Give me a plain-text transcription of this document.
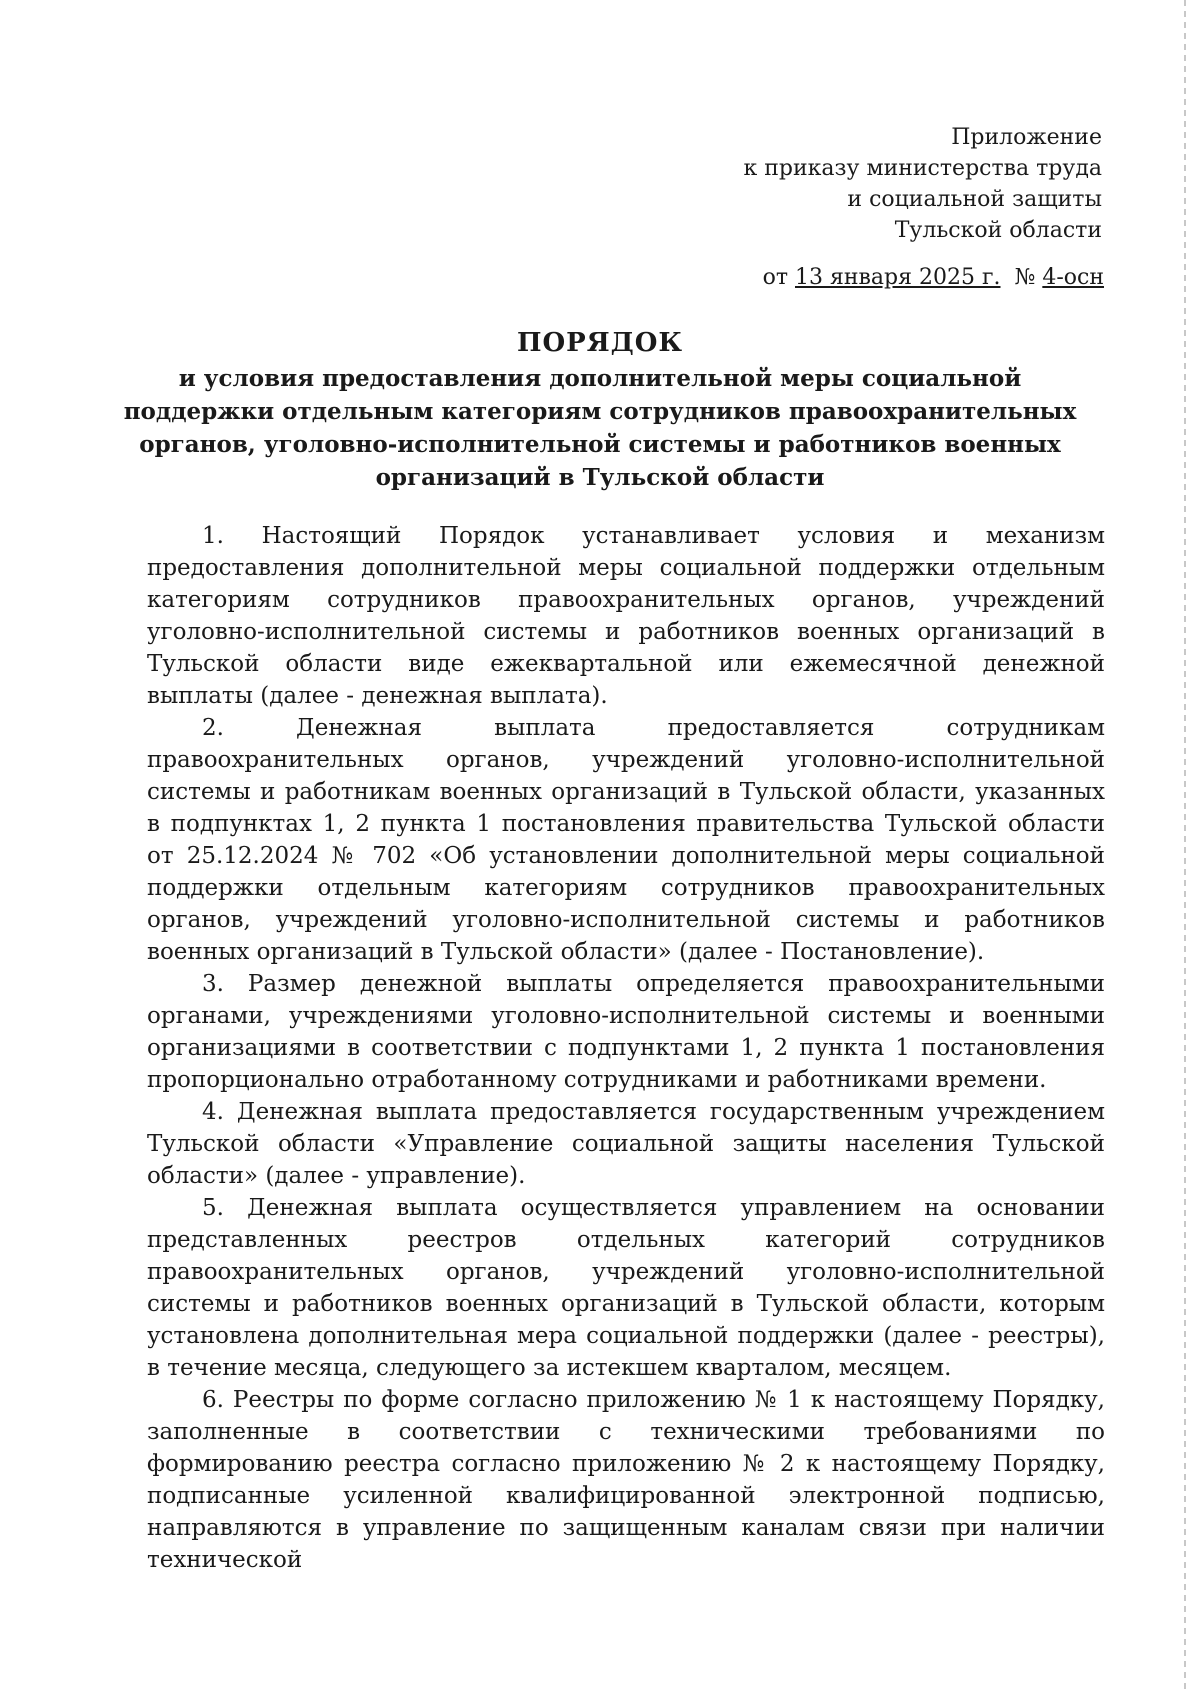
Приложение
к приказу министерства труда
и социальной защиты
Тульской области
от 13 января 2025 г. № 4-осн
ПОРЯДОК
и условия предоставления дополнительной меры социальной поддержки отдельным категориям сотрудников правоохранительных органов, уголовно-исполнительной системы и работников военных организаций в Тульской области

1. Настоящий Порядок устанавливает условия и механизм предоставления дополнительной меры социальной поддержки отдельным категориям сотрудников правоохранительных органов, учреждений уголовно-исполнительной системы и работников военных организаций в Тульской области виде ежеквартальной или ежемесячной денежной выплаты (далее - денежная выплата).

2. Денежная выплата предоставляется сотрудникам правоохранительных органов, учреждений уголовно-исполнительной системы и работникам военных организаций в Тульской области, указанных в подпунктах 1, 2 пункта 1 постановления правительства Тульской области от 25.12.2024 № 702 «Об установлении дополнительной меры социальной поддержки отдельным категориям сотрудников правоохранительных органов, учреждений уголовно-исполнительной системы и работников военных организаций в Тульской области» (далее - Постановление).

3. Размер денежной выплаты определяется правоохранительными органами, учреждениями уголовно-исполнительной системы и военными организациями в соответствии с подпунктами 1, 2 пункта 1 постановления пропорционально отработанному сотрудниками и работниками времени.

4. Денежная выплата предоставляется государственным учреждением Тульской области «Управление социальной защиты населения Тульской области» (далее - управление).

5. Денежная выплата осуществляется управлением на основании представленных реестров отдельных категорий сотрудников правоохранительных органов, учреждений уголовно-исполнительной системы и работников военных организаций в Тульской области, которым установлена дополнительная мера социальной поддержки (далее - реестры), в течение месяца, следующего за истекшем кварталом, месяцем.

6. Реестры по форме согласно приложению № 1 к настоящему Порядку, заполненные в соответствии с техническими требованиями по формированию реестра согласно приложению № 2 к настоящему Порядку, подписанные усиленной квалифицированной электронной подписью, направляются в управление по защищенным каналам связи при наличии технической
